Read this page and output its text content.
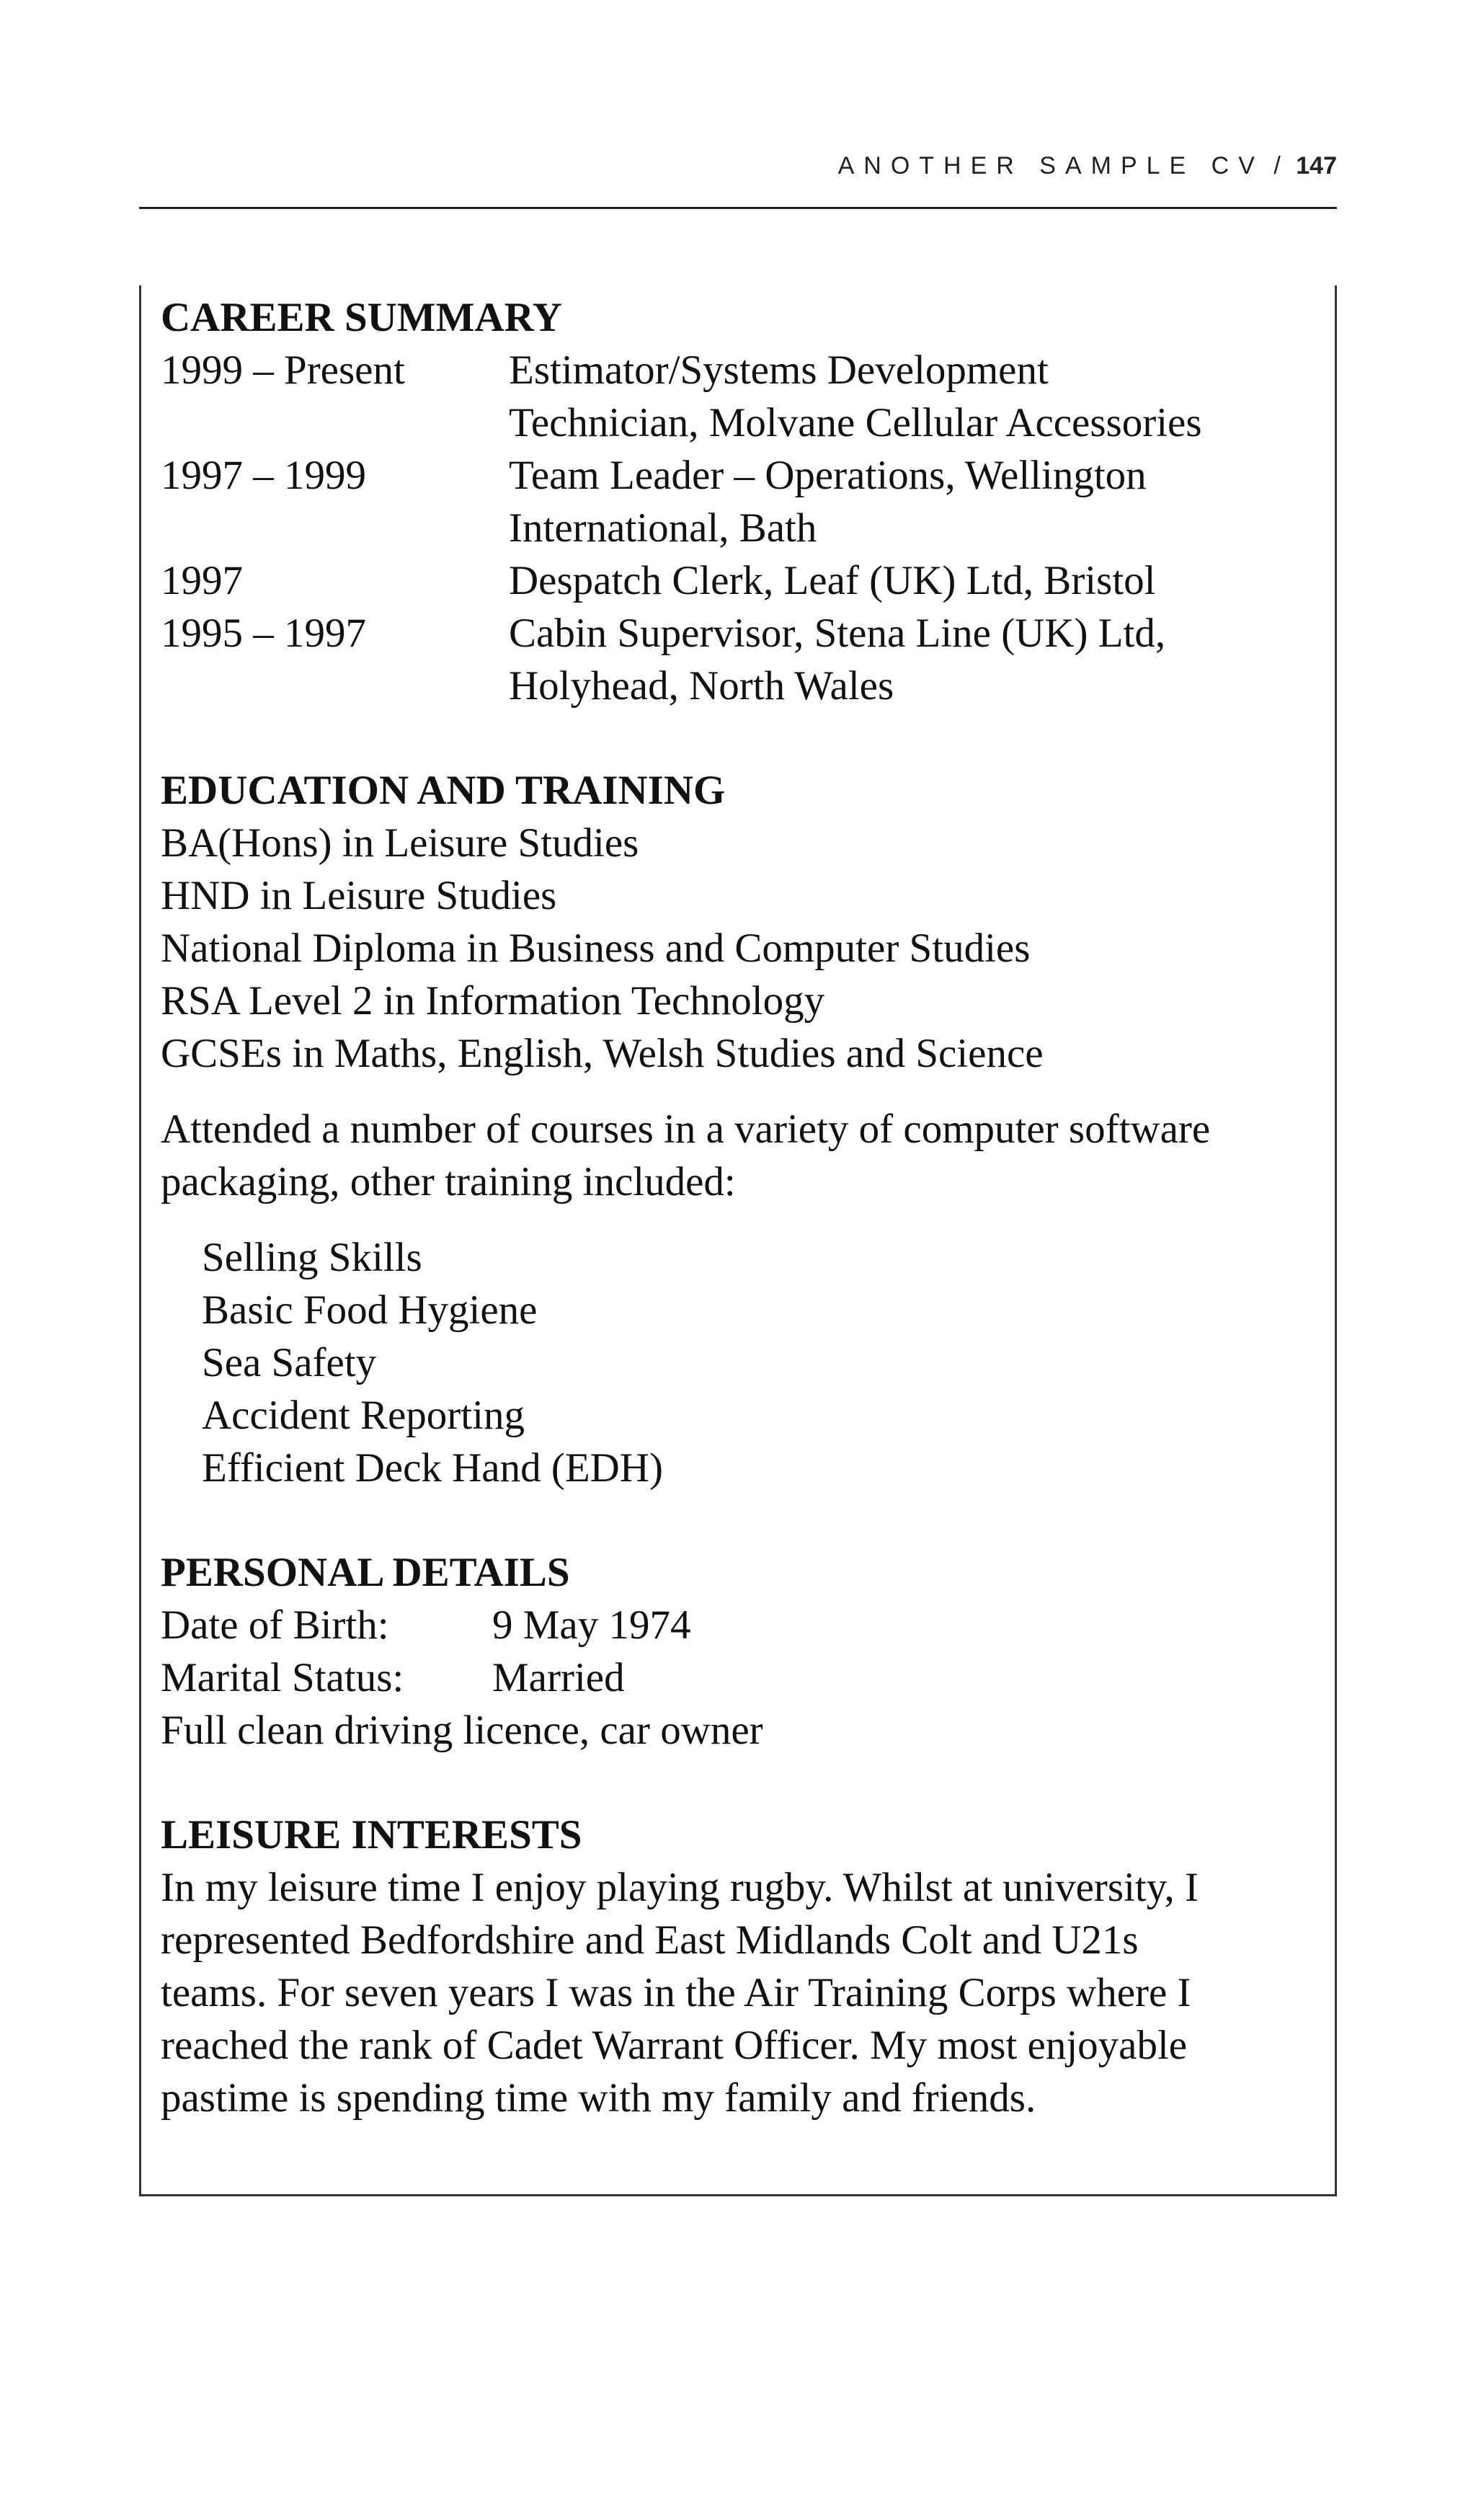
ANOTHER SAMPLE CV / 147
CAREER SUMMARY
1999 – Present	Estimator/Systems Development
Technician, Molvane Cellular Accessories
1997 – 1999	Team Leader – Operations, Wellington
International, Bath
1997	Despatch Clerk, Leaf (UK) Ltd, Bristol
1995 – 1997	Cabin Supervisor, Stena Line (UK) Ltd,
Holyhead, North Wales
EDUCATION AND TRAINING
BA(Hons) in Leisure Studies
HND in Leisure Studies
National Diploma in Business and Computer Studies
RSA Level 2 in Information Technology
GCSEs in Maths, English, Welsh Studies and Science
Attended a number of courses in a variety of computer software
packaging, other training included:
Selling Skills
Basic Food Hygiene
Sea Safety
Accident Reporting
Efficient Deck Hand (EDH)
PERSONAL DETAILS
Date of Birth:	9 May 1974
Marital Status:	Married
Full clean driving licence, car owner
LEISURE INTERESTS
In my leisure time I enjoy playing rugby. Whilst at university, I
represented Bedfordshire and East Midlands Colt and U21s
teams. For seven years I was in the Air Training Corps where I
reached the rank of Cadet Warrant Officer. My most enjoyable
pastime is spending time with my family and friends.
